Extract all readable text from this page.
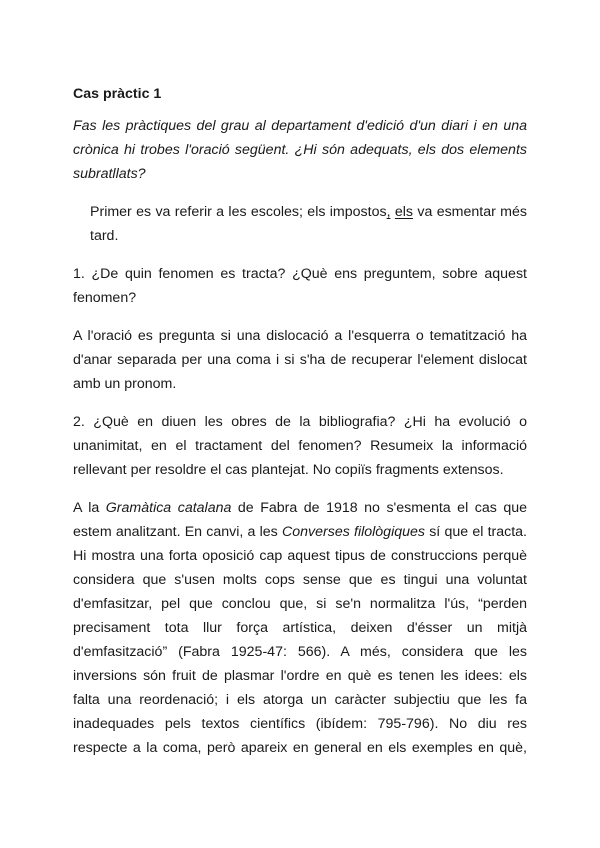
Cas pràctic 1
Fas les pràctiques del grau al departament d'edició d'un diari i en una crònica hi trobes l'oració següent. ¿Hi són adequats, els dos elements subratllats?
Primer es va referir a les escoles; els impostos, els va esmentar més tard.

1. ¿De quin fenomen es tracta? ¿Què ens preguntem, sobre aquest fenomen?

A l'oració es pregunta si una dislocació a l'esquerra o tematització ha d'anar separada per una coma i si s'ha de recuperar l'element dislocat amb un pronom.

2. ¿Què en diuen les obres de la bibliografia? ¿Hi ha evolució o unanimitat, en el tractament del fenomen? Resumeix la informació rellevant per resoldre el cas plantejat. No copiïs fragments extensos.

A la Gramàtica catalana de Fabra de 1918 no s'esmenta el cas que estem analitzant. En canvi, a les Converses filològiques sí que el tracta. Hi mostra una forta oposició cap aquest tipus de construccions perquè considera que s'usen molts cops sense que es tingui una voluntat d'emfasitzar, pel que conclou que, si se'n normalitza l'ús, “perden precisament tota llur força artística, deixen d'ésser un mitjà d'emfasització” (Fabra 1925-47: 566). A més, considera que les inversions són fruit de plasmar l'ordre en què es tenen les idees: els falta una reordenació; i els atorga un caràcter subjectiu que les fa inadequades pels textos científics (ibídem: 795-796). No diu res respecte a la coma, però apareix en general en els exemples en què,
